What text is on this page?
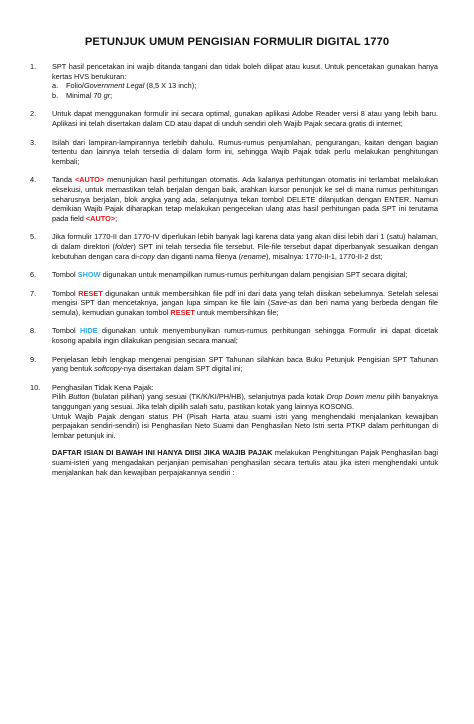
PETUNJUK UMUM PENGISIAN FORMULIR DIGITAL 1770
1. SPT hasil pencetakan ini wajib ditanda tangani dan tidak boleh dilipat atau kusut. Untuk pencetakan gunakan hanya kertas HVS berukuran:

a. Folio/Government Legal (8,5 X 13 inch);
b. Minimal 70 gr;
2. Untuk dapat menggunakan formulir ini secara optimal, gunakan aplikasi Adobe Reader versi 8 atau yang lebih baru. Aplikasi ini telah disertakan dalam CD atau dapat di unduh sendiri oleh Wajib Pajak secara gratis di internet;

3. Isilah dari lampiran-lampirannya terlebih dahulu. Rumus-rumus penjumlahan, pengurangan, kaitan dengan bagian tertentu dan lainnya telah tersedia di dalam form ini, sehingga Wajib Pajak tidak perlu melakukan penghitungan kembali;

4. Tanda <AUTO> menunjukan hasil perhitungan otomatis. Ada kalanya perhitungan otomatis ini terlambat melakukan eksekusi, untuk memastikan telah berjalan dengan baik, arahkan kursor penunjuk ke sel di mana rumus perhitungan seharusnya berjalan, blok angka yang ada, selanjutnya tekan tombol DELETE dilanjutkan dengan ENTER. Namun demikian Wajib Pajak diharapkan tetap melakukan pengecekan ulang atas hasil perhitungan pada SPT ini terutama pada field <AUTO>;

5. Jika formulir 1770-II dan 1770-IV diperlukan lebih banyak lagi karena data yang akan diisi lebih dari 1 (satu) halaman, di dalam direktori (folder) SPT ini telah tersedia file tersebut. File-file tersebut dapat diperbanyak sesuaikan dengan kebutuhan dengan cara di-copy dan diganti nama filenya (rename), misalnya: 1770-II-1, 1770-II-2 dst;

6. Tombol SHOW digunakan untuk menampilkan rumus-rumus perhitungan dalam pengisian SPT secara digital;

7. Tombol RESET digunakan untuk membersihkan file pdf ini dari data yang telah diisikan sebelumnya. Setelah selesai mengisi SPT dan mencetaknya, jangan lupa simpan ke file lain (Save-as dan beri nama yang berbeda dengan file semula), kemudian gunakan tombol RESET untuk membersihkan file;

8. Tombol HIDE digunakan untuk menyembunyikan rumus-rumus perhitungan sehingga Formulir ini dapat dicetak kosong apabila ingin dilakukan pengisian secara manual;

9. Penjelasan lebih lengkap mengenai pengisian SPT Tahunan silahkan baca Buku Petunjuk Pengisian SPT Tahunan yang bentuk softcopy-nya disertakan dalam SPT digital ini;

10. Penghasilan Tidak Kena Pajak:

Pilih Button (bulatan pilihan) yang sesuai (TK/K/KI/PH/HB), selanjutnya pada kotak Drop Down menu pilih banyaknya tanggungan yang sesuai. Jika telah dipilih salah satu, pastikan kotak yang lainnya KOSONG.

Untuk Wajib Pajak dengan status PH (Pisah Harta atau suami istri yang menghendaki menjalankan kewajiban perpajakan sendiri-sendiri) isi Penghasilan Neto Suami dan Penghasilan Neto Istri serta PTKP dalam perhitungan di lembar petunjuk ini.

DAFTAR ISIAN DI BAWAH INI HANYA DIISI JIKA WAJIB PAJAK melakukan Penghitungan Pajak Penghasilan bagi suami-isteri yang mengadakan perjanjian pemisahan penghasilan secara tertulis atau jika isteri menghendaki untuk menjalankan hak dan kewajiban perpajakannya sendiri :
